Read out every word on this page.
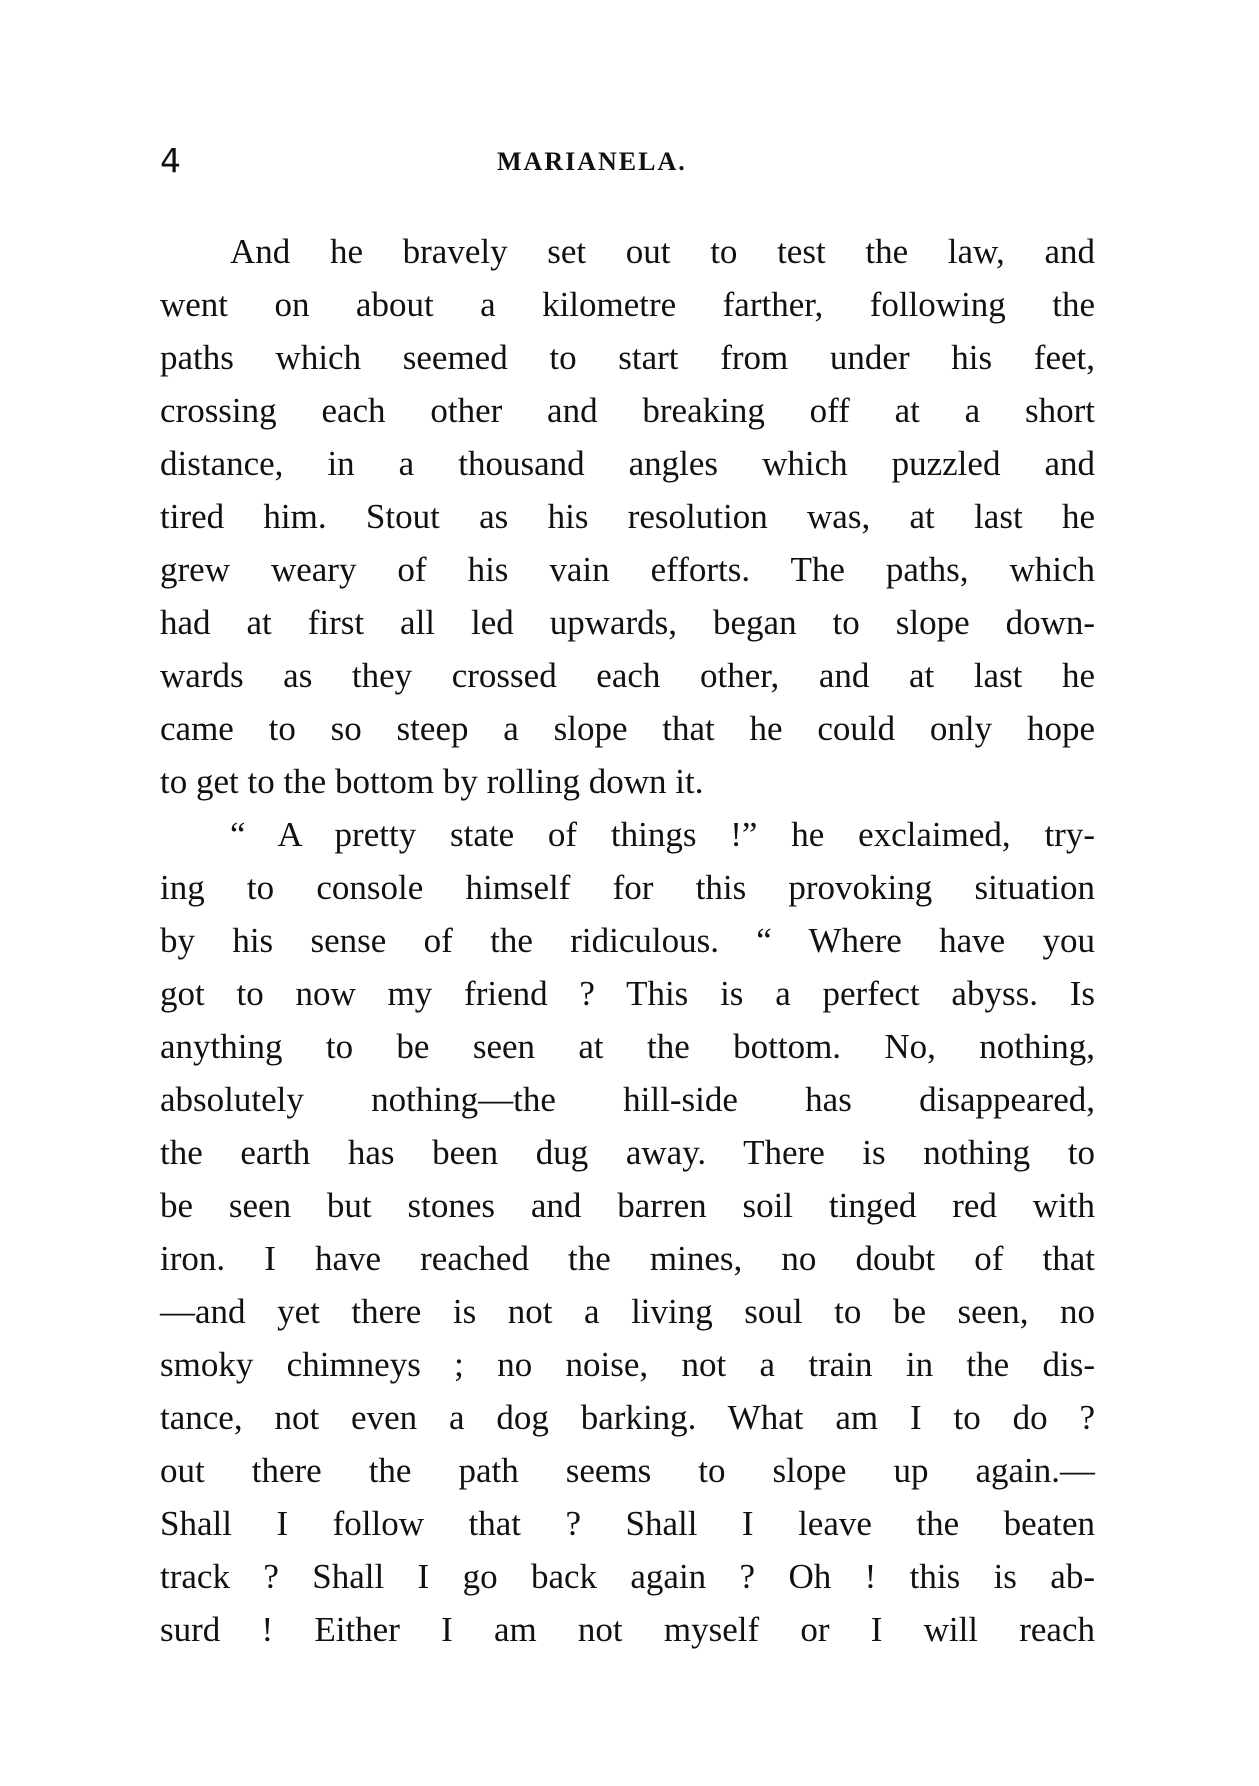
4	MARIANELA.
And he bravely set out to test the law, and
went on about a kilometre farther, following the
paths which seemed to start from under his feet,
crossing each other and breaking off at a short
distance, in a thousand angles which puzzled and
tired him. Stout as his resolution was, at last he
grew weary of his vain efforts. The paths, which
had at first all led upwards, began to slope down-
wards as they crossed each other, and at last he
came to so steep a slope that he could only hope
to get to the bottom by rolling down it.
“ A pretty state of things !” he exclaimed, try-
ing to console himself for this provoking situation
by his sense of the ridiculous. “ Where have you
got to now my friend ? This is a perfect abyss. Is
anything to be seen at the bottom. No, nothing,
absolutely nothing—the hill-side has disappeared,
the earth has been dug away. There is nothing to
be seen but stones and barren soil tinged red with
iron. I have reached the mines, no doubt of that
—and yet there is not a living soul to be seen, no
smoky chimneys ; no noise, not a train in the dis-
tance, not even a dog barking. What am I to do ?
out there the path seems to slope up again.—
Shall I follow that ? Shall I leave the beaten
track ? Shall I go back again ? Oh ! this is ab-
surd ! Either I am not myself or I will reach
